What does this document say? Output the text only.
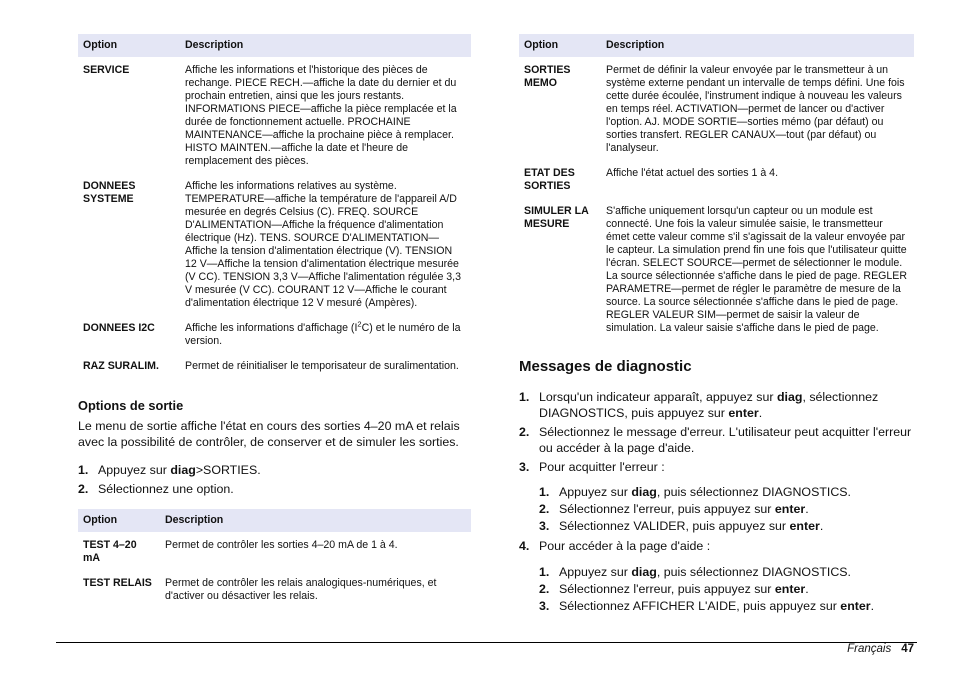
Option	Description
SERVICE	Affiche les informations et l'historique des pièces de rechange. PIECE RECH.—affiche la date du dernier et du prochain entretien, ainsi que les jours restants. INFORMATIONS PIECE—affiche la pièce remplacée et la durée de fonctionnement actuelle. PROCHAINE MAINTENANCE—affiche la prochaine pièce à remplacer. HISTO MAINTEN.—affiche la date et l'heure de remplacement des pièces.
DONNEES SYSTEME	Affiche les informations relatives au système. TEMPERATURE—affiche la température de l'appareil A/D mesurée en degrés Celsius (C). FREQ. SOURCE D'ALIMENTATION—Affiche la fréquence d'alimentation électrique (Hz). TENS. SOURCE D'ALIMENTATION—Affiche la tension d'alimentation électrique (V). TENSION 12 V—Affiche la tension d'alimentation électrique mesurée (V CC). TENSION 3,3 V—Affiche l'alimentation régulée 3,3 V mesurée (V CC). COURANT 12 V—Affiche le courant d'alimentation électrique 12 V mesuré (Ampères).
DONNEES I2C	Affiche les informations d'affichage $(I^2C)$ et le numéro de la version.
RAZ SURALIM.	Permet de réinitialiser le temporisateur de suralimentation.
Options de sortie

Le menu de sortie affiche l'état en cours des sorties 4–20 mA et relais avec la possibilité de contrôler, de conserver et de simuler les sorties.

1. Appuyez sur diag>SORTIES.
2. Sélectionnez une option.
Option	Description
TEST 4–20 mA	Permet de contrôler les sorties 4–20 mA de 1 à 4.
TEST RELAIS	Permet de contrôler les relais analogiques-numériques, et d'activer ou désactiver les relais.
Option	Description
SORTIES MEMO	Permet de définir la valeur envoyée par le transmetteur à un système externe pendant un intervalle de temps défini. Une fois cette durée écoulée, l'instrument indique à nouveau les valeurs en temps réel. ACTIVATION—permet de lancer ou d'activer l'option. AJ. MODE SORTIE—sorties mémo (par défaut) ou sorties transfert. REGLER CANAUX—tout (par défaut) ou l'analyseur.
ETAT DES SORTIES	Affiche l'état actuel des sorties 1 à 4.
SIMULER LA MESURE	S'affiche uniquement lorsqu'un capteur ou un module est connecté. Une fois la valeur simulée saisie, le transmetteur émet cette valeur comme s'il s'agissait de la valeur envoyée par le capteur. La simulation prend fin une fois que l'utilisateur quitte l'écran. SELECT SOURCE—permet de sélectionner le module. La source sélectionnée s'affiche dans le pied de page. REGLER PARAMETRE—permet de régler le paramètre de mesure de la source. La source sélectionnée s'affiche dans le pied de page. REGLER VALEUR SIM—permet de saisir la valeur de simulation. La valeur saisie s'affiche dans le pied de page.
Messages de diagnostic
1. Lorsqu'un indicateur apparaît, appuyez sur diag, sélectionnez DIAGNOSTICS, puis appuyez sur enter.
2. Sélectionnez le message d'erreur. L'utilisateur peut acquitter l'erreur ou accéder à la page d'aide.
3. Pour acquitter l'erreur :
1. Appuyez sur diag, puis sélectionnez DIAGNOSTICS.
2. Sélectionnez l'erreur, puis appuyez sur enter.
3. Sélectionnez VALIDER, puis appuyez sur enter.
4. Pour accéder à la page d'aide :
1. Appuyez sur diag, puis sélectionnez DIAGNOSTICS.
2. Sélectionnez l'erreur, puis appuyez sur enter.
3. Sélectionnez AFFICHER L'AIDE, puis appuyez sur enter.
Français 47
